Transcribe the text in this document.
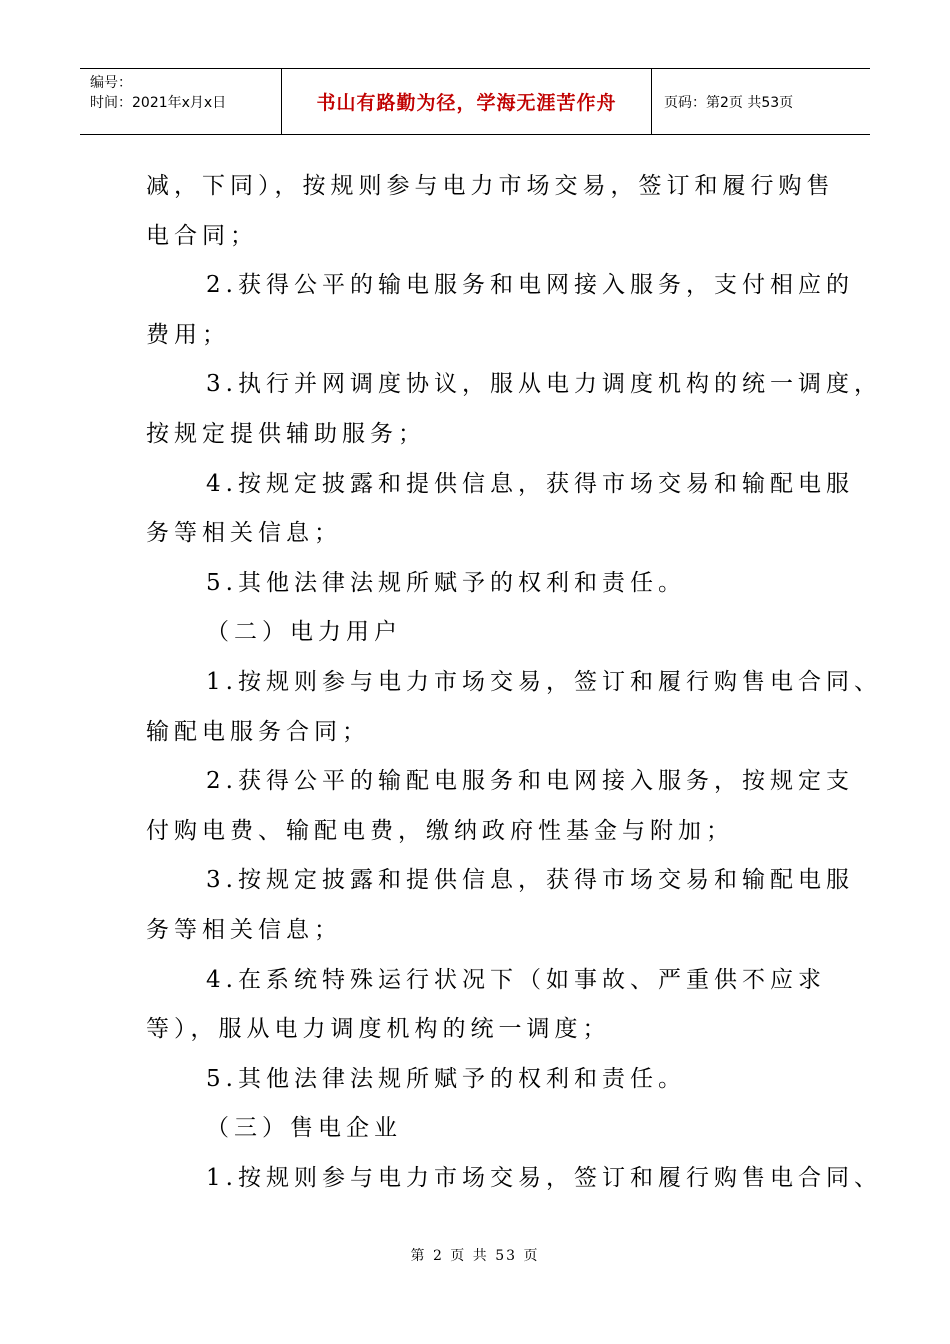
编号：
时间：2021年x月x日	书山有路勤为径，学海无涯苦作舟	页码：第2页 共53页
减，下同），按规则参与电力市场交易，签订和履行购售
电合同；
2.获得公平的输电服务和电网接入服务，支付相应的
费用；
3.执行并网调度协议，服从电力调度机构的统一调度，
按规定提供辅助服务；
4.按规定披露和提供信息，获得市场交易和输配电服
务等相关信息；
5.其他法律法规所赋予的权利和责任。
（二）电力用户
1.按规则参与电力市场交易，签订和履行购售电合同、
输配电服务合同；
2.获得公平的输配电服务和电网接入服务，按规定支
付购电费、输配电费，缴纳政府性基金与附加；
3.按规定披露和提供信息，获得市场交易和输配电服
务等相关信息；
4.在系统特殊运行状况下（如事故、严重供不应求
等），服从电力调度机构的统一调度；
5.其他法律法规所赋予的权利和责任。
（三）售电企业
1.按规则参与电力市场交易，签订和履行购售电合同、
第 2 页 共 53 页
